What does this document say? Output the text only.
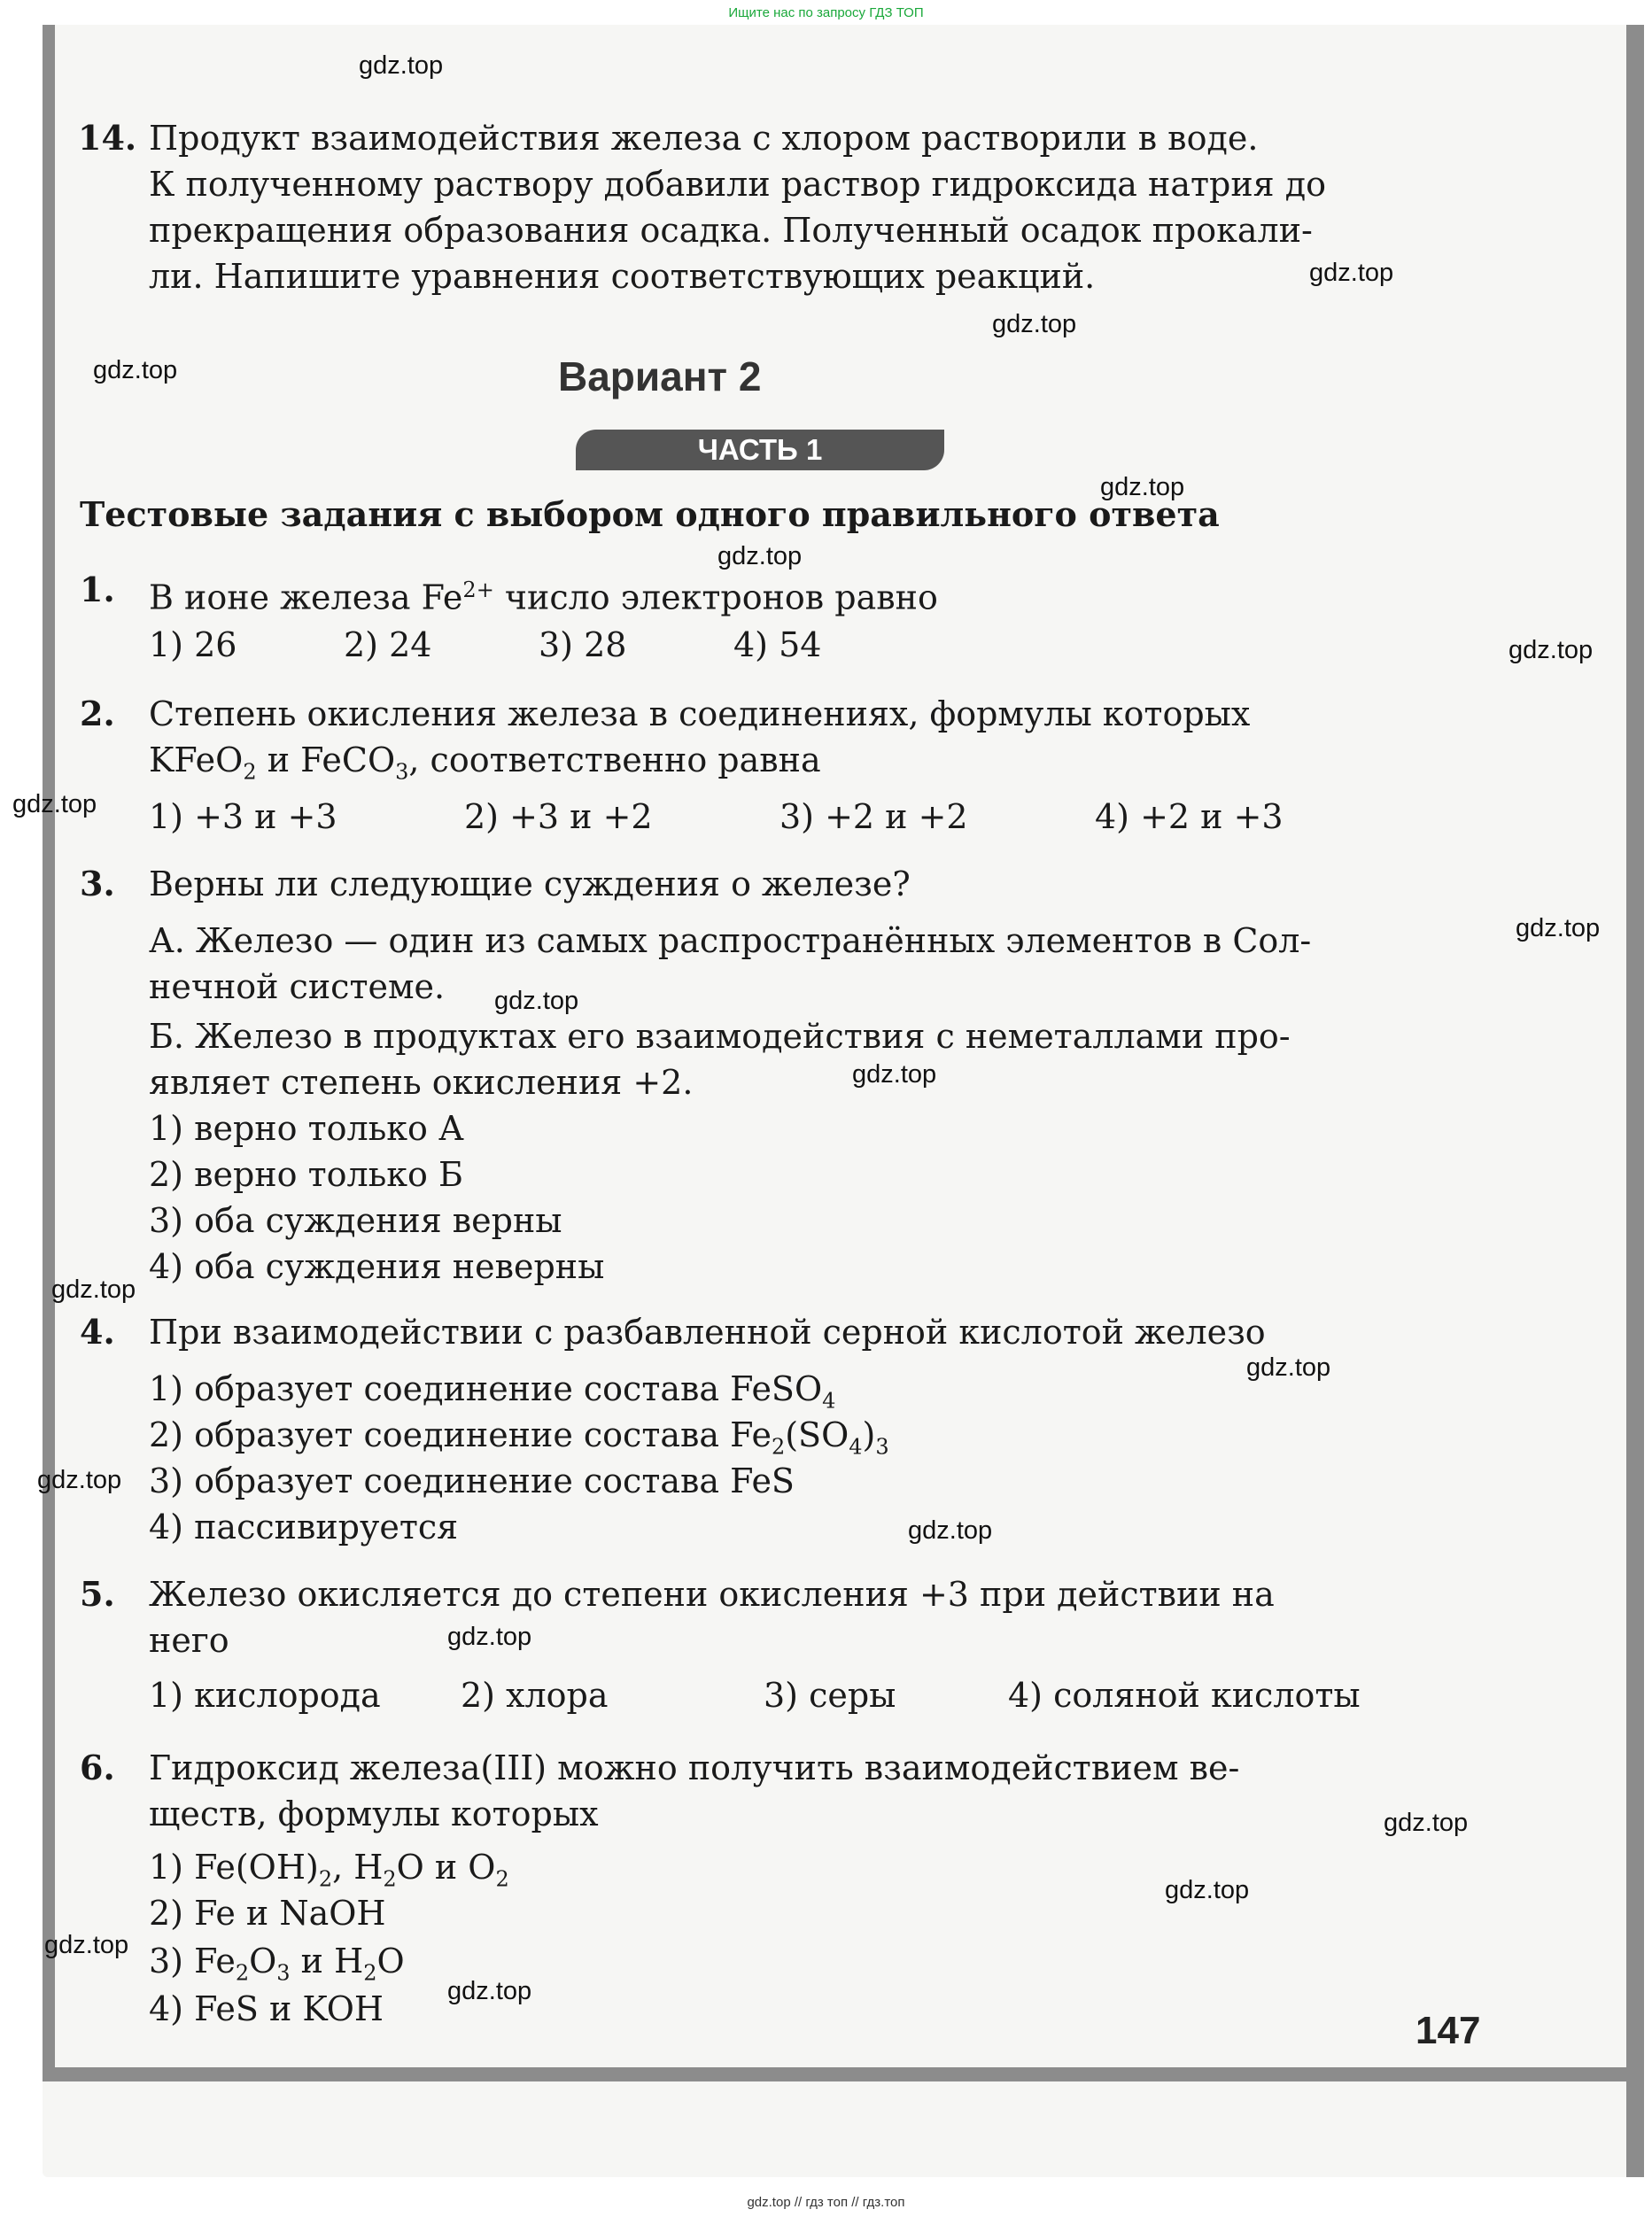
Ищите нас по запросу ГДЗ ТОП
gdz.top
gdz.top
gdz.top
gdz.top
gdz.top
gdz.top
gdz.top
gdz.top
gdz.top
gdz.top
gdz.top
gdz.top
gdz.top
gdz.top
gdz.top
gdz.top
gdz.top
gdz.top
gdz.top
gdz.top
14. Продукт взаимодействия железа с хлором растворили в воде.
К полученному раствору добавили раствор гидроксида натрия до
прекращения образования осадка. Полученный осадок прокали-
ли. Напишите уравнения соответствующих реакций.
Вариант 2
ЧАСТЬ 1
Тестовые задания с выбором одного правильного ответа
1. В ионе железа $Fe^{2+}$ число электронов равно
1) 26	2) 24	3) 28	4) 54
2. Степень окисления железа в соединениях, формулы которых
KFeO$_2$ и FeCO$_3$, соответственно равна
1) +3 и +3	2) +3 и +2	3) +2 и +2	4) +2 и +3
3. Верны ли следующие суждения о железе?
А. Железо — один из самых распространённых элементов в Сол-
нечной системе.
Б. Железо в продуктах его взаимодействия с неметаллами про-
являет степень окисления +2.
1) верно только А
2) верно только Б
3) оба суждения верны
4) оба суждения неверны
4. При взаимодействии с разбавленной серной кислотой железо
1) образует соединение состава FeSO$_4$
2) образует соединение состава $Fe_2(SO_4)_3$
3) образует соединение состава FeS
4) пассивируется
5. Железо окисляется до степени окисления +3 при действии на
него
1) кислорода 2) хлора	3) серы	4) соляной кислоты
6. Гидроксид железа(III) можно получить взаимодействием ве-
ществ, формулы которых
1) $Fe(OH)_2$, $H_2O$ и $O_2$
2) Fe и NaOH
3) $Fe_2O_3$ и $H_2O$
4) FeS и KOH	147
gdz.top // гдз топ // гдз.топ
